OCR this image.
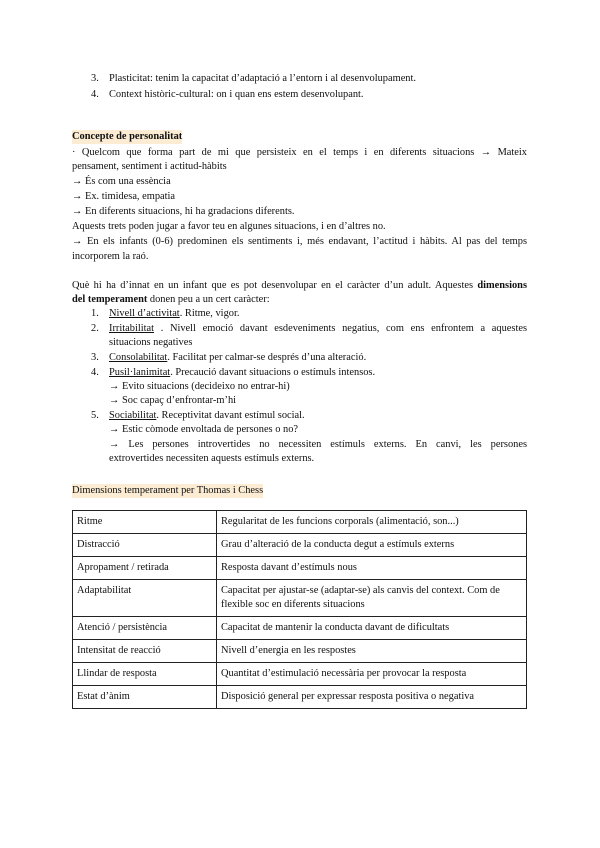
3. Plasticitat: tenim la capacitat d’adaptació a l’entorn i al desenvolupament.
4. Context històric-cultural: on i quan ens estem desenvolupant.
Concepte de personalitat
· Quelcom que forma part de mi que persisteix en el temps i en diferents situacions → Mateix
pensament, sentiment i actitud-hàbits
→ És com una essència
→ Ex. timidesa, empatia
→ En diferents situacions, hi ha gradacions diferents.
Aquests trets poden jugar a favor teu en algunes situacions, i en d’altres no.
→ En els infants (0-6) predominen els sentiments i, més endavant, l’actitud i hàbits. Al pas del temps
incorporem la raó.
Què hi ha d’innat en un infant que es pot desenvolupar en el caràcter d’un adult. Aquestes dimensions
del temperament donen peu a un cert caràcter:
1. Nivell d’activitat. Ritme, vigor.
2. Irritabilitat . Nivell emoció davant esdeveniments negatius, com ens enfrontem a aquestes
situacions negatives
3. Consolabilitat. Facilitat per calmar-se després d’una alteració.
4. Pusil·lanimitat. Precaució davant situacions o estímuls intensos.
→ Evito situacions (decideixo no entrar-hi)
→ Soc capaç d’enfrontar-m’hi
5. Sociabilitat. Receptivitat davant estímul social.
→ Estic còmode envoltada de persones o no?
→ Les persones introvertides no necessiten estímuls externs. En canvi, les persones
extrovertides necessiten aquests estímuls externs.
Dimensions temperament per Thomas i Chess
Ritme	Regularitat de les funcions corporals (alimentació, son...)
Distracció	Grau d’alteració de la conducta degut a estímuls externs
Apropament / retirada	Resposta davant d’estímuls nous
Adaptabilitat	Capacitat per ajustar-se (adaptar-se) als canvis del context. Com de flexible soc en diferents situacions
Atenció / persistència	Capacitat de mantenir la conducta davant de dificultats
Intensitat de reacció	Nivell d’energia en les respostes
Llindar de resposta	Quantitat d’estimulació necessària per provocar la resposta
Estat d’ànim	Disposició general per expressar resposta positiva o negativa
